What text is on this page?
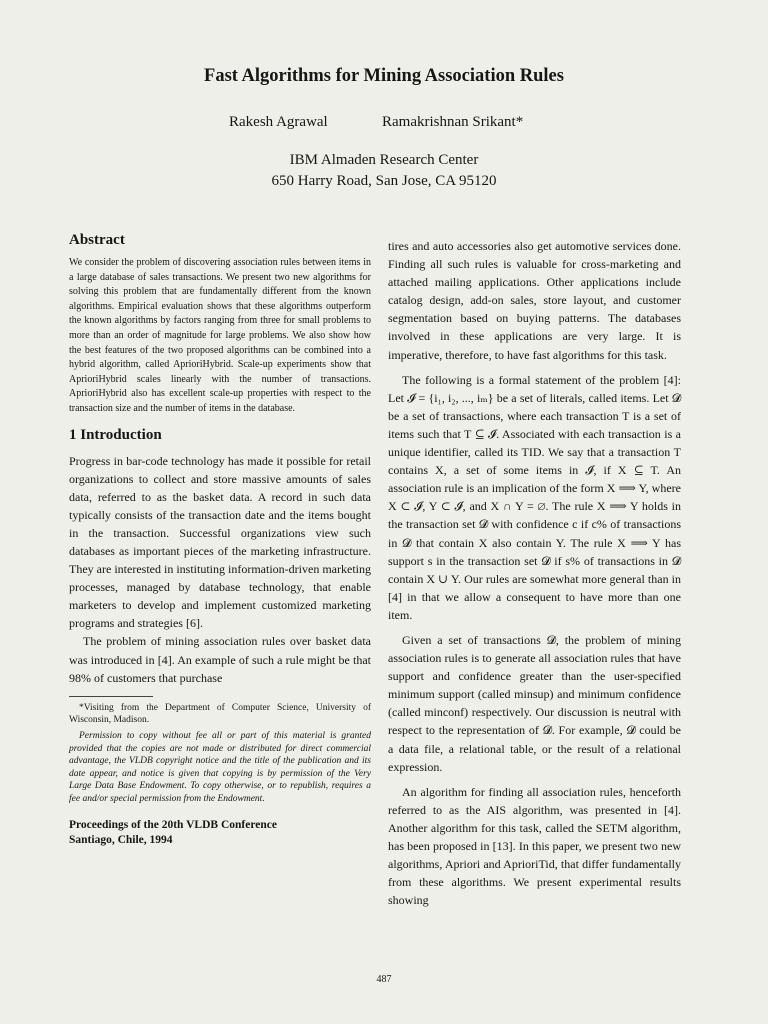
Fast Algorithms for Mining Association Rules
Rakesh Agrawal	Ramakrishnan Srikant*
IBM Almaden Research Center
650 Harry Road, San Jose, CA 95120
Abstract

We consider the problem of discovering association rules between items in a large database of sales transactions. We present two new algorithms for solving this problem that are fundamentally different from the known algorithms. Empirical evaluation shows that these algorithms outperform the known algorithms by factors ranging from three for small problems to more than an order of magnitude for large problems. We also show how the best features of the two proposed algorithms can be combined into a hybrid algorithm, called AprioriHybrid. Scale-up experiments show that AprioriHybrid scales linearly with the number of transactions. AprioriHybrid also has excellent scale-up properties with respect to the transaction size and the number of items in the database.

1 Introduction

Progress in bar-code technology has made it possible for retail organizations to collect and store massive amounts of sales data, referred to as the basket data. A record in such data typically consists of the transaction date and the items bought in the transaction. Successful organizations view such databases as important pieces of the marketing infrastructure. They are interested in instituting information-driven marketing processes, managed by database technology, that enable marketers to develop and implement customized marketing programs and strategies [6].

The problem of mining association rules over basket data was introduced in [4]. An example of such a rule might be that 98% of customers that purchase

*Visiting from the Department of Computer Science, University of Wisconsin, Madison.

Permission to copy without fee all or part of this material is granted provided that the copies are not made or distributed for direct commercial advantage, the VLDB copyright notice and the title of the publication and its date appear, and notice is given that copying is by permission of the Very Large Data Base Endowment. To copy otherwise, or to republish, requires a fee and/or special permission from the Endowment.

Proceedings of the 20th VLDB Conference
Santiago, Chile, 1994

tires and auto accessories also get automotive services done. Finding all such rules is valuable for cross-marketing and attached mailing applications. Other applications include catalog design, add-on sales, store layout, and customer segmentation based on buying patterns. The databases involved in these applications are very large. It is imperative, therefore, to have fast algorithms for this task.

The following is a formal statement of the problem [4]: Let 𝓘 = {i₁, i₂, ..., iₘ} be a set of literals, called items. Let 𝓓 be a set of transactions, where each transaction T is a set of items such that T ⊆ 𝓘. Associated with each transaction is a unique identifier, called its TID. We say that a transaction T contains X, a set of some items in 𝓘, if X ⊆ T. An association rule is an implication of the form X ⟹ Y, where X ⊂ 𝓘, Y ⊂ 𝓘, and X ∩ Y = ∅. The rule X ⟹ Y holds in the transaction set 𝓓 with confidence c if c% of transactions in 𝓓 that contain X also contain Y. The rule X ⟹ Y has support s in the transaction set 𝓓 if s% of transactions in 𝓓 contain X ∪ Y. Our rules are somewhat more general than in [4] in that we allow a consequent to have more than one item.

Given a set of transactions 𝓓, the problem of mining association rules is to generate all association rules that have support and confidence greater than the user-specified minimum support (called minsup) and minimum confidence (called minconf) respectively. Our discussion is neutral with respect to the representation of 𝓓. For example, 𝓓 could be a data file, a relational table, or the result of a relational expression.

An algorithm for finding all association rules, henceforth referred to as the AIS algorithm, was presented in [4]. Another algorithm for this task, called the SETM algorithm, has been proposed in [13]. In this paper, we present two new algorithms, Apriori and AprioriTid, that differ fundamentally from these algorithms. We present experimental results showing

487
